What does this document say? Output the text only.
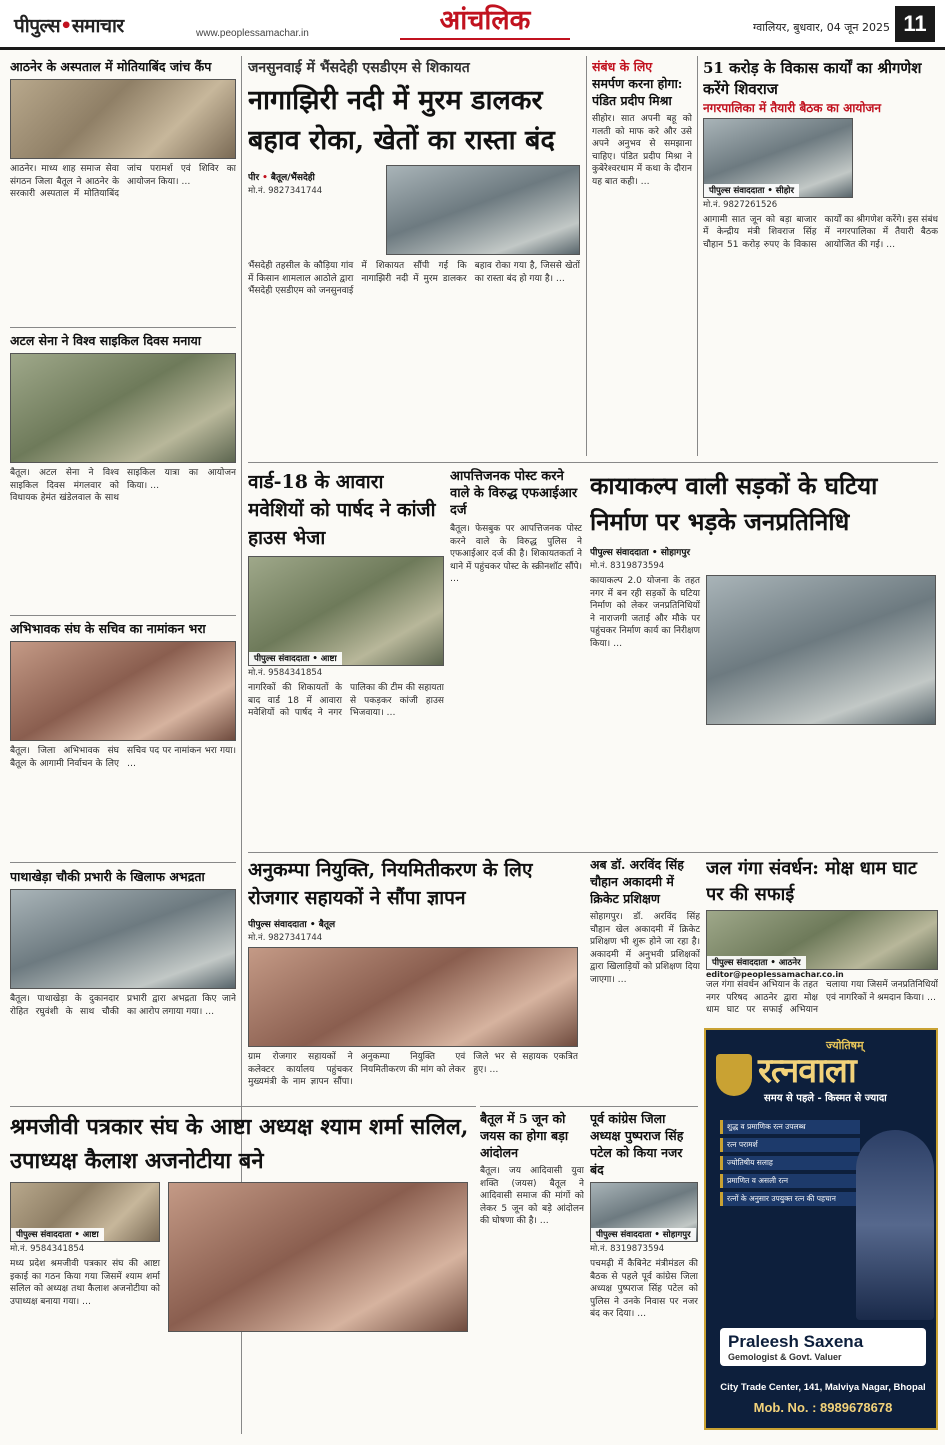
पीपुल्स•समाचार	www.peoplessamachar.in	आंचलिक	ग्वालियर, बुधवार, 04 जून 2025 11
आठनेर के अस्पताल में मोतियाबिंद जांच कैंप
आठनेर। माध्य शाह समाज सेवा संगठन जिला बैतूल ने आठनेर के सरकारी अस्पताल में मोतियाबिंद जांच परामर्श एवं शिविर का आयोजन किया। …
अटल सेना ने विश्व साइकिल दिवस मनाया
बैतूल। अटल सेना ने विश्व साइकिल दिवस मंगलवार को विधायक हेमंत खंडेलवाल के साथ साइकिल यात्रा का आयोजन किया। …
अभिभावक संघ के सचिव का नामांकन भरा
बैतूल। जिला अभिभावक संघ बैतूल के आगामी निर्वाचन के लिए सचिव पद पर नामांकन भरा गया। …
पाथाखेड़ा चौकी प्रभारी के खिलाफ अभद्रता
बैतूल। पाथाखेड़ा के दुकानदार रोहित रघुवंशी के साथ चौकी प्रभारी द्वारा अभद्रता किए जाने का आरोप लगाया गया। …
श्रमजीवी पत्रकार संघ के आष्टा अध्यक्ष श्याम शर्मा सलिल, उपाध्यक्ष कैलाश अजनोटीया बने
पीपुल्स संवाददाता • आष्टा
मो.नं. 9584341854
मध्य प्रदेश श्रमजीवी पत्रकार संघ की आष्टा इकाई का गठन किया गया जिसमें श्याम शर्मा सलिल को अध्यक्ष तथा कैलाश अजनोटीया को उपाध्यक्ष बनाया गया। …
जनसुनवाई में भैंसदेही एसडीएम से शिकायत
नागाझिरी नदी में मुरम डालकर बहाव रोका, खेतों का रास्ता बंद
पीर • बैतूल/भैंसदेही
मो.नं. 9827341744
भैंसदेही तहसील के कौड़िया गांव में किसान शामलाल आठोले द्वारा भैंसदेही एसडीएम को जनसुनवाई में शिकायत सौंपी गई कि नागाझिरी नदी में मुरम डालकर बहाव रोका गया है, जिससे खेतों का रास्ता बंद हो गया है। …
संबंध के लिए
समर्पण करना होगा: पंडित प्रदीप मिश्रा
सीहोर। सात अपनी बहू को गलती को माफ करे और उसे अपने अनुभव से समझाना चाहिए। पंडित प्रदीप मिश्रा ने कुबेरेश्वरधाम में कथा के दौरान यह बात कही। …
51 करोड़ के विकास कार्यों का श्रीगणेश करेंगे शिवराज
नगरपालिका में तैयारी बैठक का आयोजन
पीपुल्स संवाददाता • सीहोर
मो.नं. 9827261526
आगामी सात जून को बड़ा बाजार में केन्द्रीय मंत्री शिवराज सिंह चौहान 51 करोड़ रुपए के विकास कार्यों का श्रीगणेश करेंगे। इस संबंध में नगरपालिका में तैयारी बैठक आयोजित की गई। …
वार्ड-18 के आवारा मवेशियों को पार्षद ने कांजी हाउस भेजा
पीपुल्स संवाददाता • आष्टा
मो.नं. 9584341854
नागरिकों की शिकायतों के बाद वार्ड 18 में आवारा मवेशियों को पार्षद ने नगर पालिका की टीम की सहायता से पकड़कर कांजी हाउस भिजवाया। …
आपत्तिजनक पोस्ट करने वाले के विरुद्ध एफआईआर दर्ज
बैतूल। फेसबुक पर आपत्तिजनक पोस्ट करने वाले के विरुद्ध पुलिस ने एफआईआर दर्ज की है। शिकायतकर्ता ने थाने में पहुंचकर पोस्ट के स्क्रीनशॉट सौंपे। …
कायाकल्प वाली सड़कों के घटिया निर्माण पर भड़के जनप्रतिनिधि
पीपुल्स संवाददाता • सोहागपुर
मो.नं. 8319873594
कायाकल्प 2.0 योजना के तहत नगर में बन रही सड़कों के घटिया निर्माण को लेकर जनप्रतिनिधियों ने नाराजगी जताई और मौके पर पहुंचकर निर्माण कार्य का निरीक्षण किया। …
अनुकम्पा नियुक्ति, नियमितीकरण के लिए रोजगार सहायकों ने सौंपा ज्ञापन
पीपुल्स संवाददाता • बैतूल
मो.नं. 9827341744
ग्राम रोजगार सहायकों ने कलेक्टर कार्यालय पहुंचकर मुख्यमंत्री के नाम ज्ञापन सौंपा। अनुकम्पा नियुक्ति एवं नियमितीकरण की मांग को लेकर जिले भर से सहायक एकत्रित हुए। …
अब डॉ. अरविंद सिंह चौहान अकादमी में क्रिकेट प्रशिक्षण
सोहागपुर। डॉ. अरविंद सिंह चौहान खेल अकादमी में क्रिकेट प्रशिक्षण भी शुरू होने जा रहा है। अकादमी में अनुभवी प्रशिक्षकों द्वारा खिलाड़ियों को प्रशिक्षण दिया जाएगा। …
जल गंगा संवर्धन: मोक्ष धाम घाट पर की सफाई
पीपुल्स संवाददाता • आठनेर
editor@peoplessamachar.co.in
जल गंगा संवर्धन अभियान के तहत नगर परिषद आठनेर द्वारा मोक्ष धाम घाट पर सफाई अभियान चलाया गया जिसमें जनप्रतिनिधियों एवं नागरिकों ने श्रमदान किया। …
बैतूल में 5 जून को जयस का होगा बड़ा आंदोलन
बैतूल। जय आदिवासी युवा शक्ति (जयस) बैतूल ने आदिवासी समाज की मांगों को लेकर 5 जून को बड़े आंदोलन की घोषणा की है। …
पूर्व कांग्रेस जिला अध्यक्ष पुष्पराज सिंह पटेल को किया नजर बंद
पीपुल्स संवाददाता • सोहागपुर
मो.नं. 8319873594
पचमढ़ी में कैबिनेट मंत्रीमंडल की बैठक से पहले पूर्व कांग्रेस जिला अध्यक्ष पुष्पराज सिंह पटेल को पुलिस ने उनके निवास पर नजर बंद कर दिया। …
ज्योतिषम्
रत्नवाला
समय से पहले - किस्मत से ज्यादा
शुद्ध व प्रमाणिक रत्न उपलब्ध
रत्न परामर्श
ज्योतिषीय सलाह
प्रमाणित व असली रत्न
रत्नों के अनुसार उपयुक्त रत्न की पहचान
Praleesh Saxena
Gemologist & Govt. Valuer
City Trade Center, 141, Malviya Nagar, Bhopal
Mob. No. : 8989678678
